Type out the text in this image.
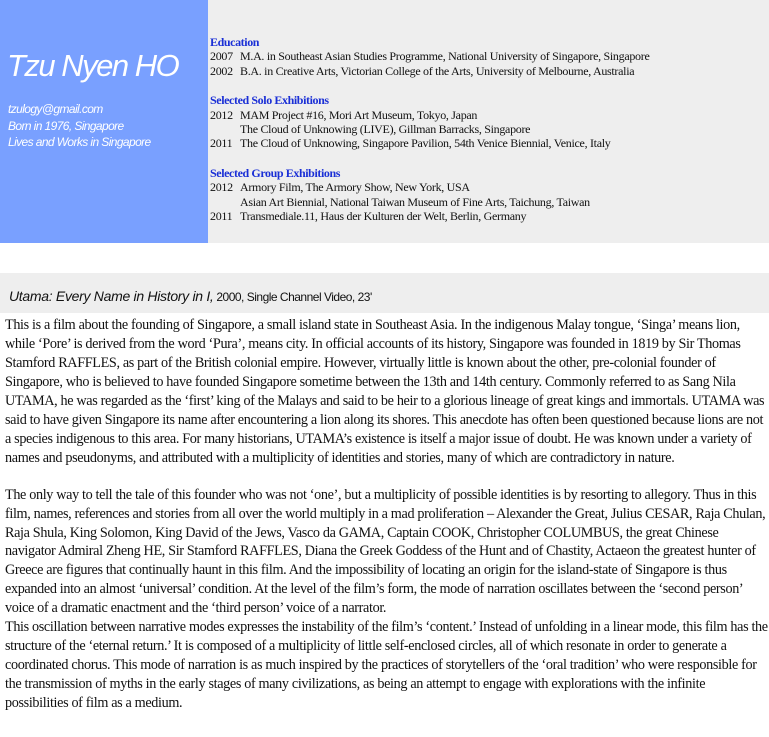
Tzu Nyen HO
tzulogy@gmail.com
Born in 1976, Singapore
Lives and Works in Singapore
Education
2007 M.A. in Southeast Asian Studies Programme, National University of Singapore, Singapore
2002 B.A. in Creative Arts, Victorian College of the Arts, University of Melbourne, Australia
Selected Solo Exhibitions
2012 MAM Project #16, Mori Art Museum, Tokyo, Japan
The Cloud of Unknowing (LIVE), Gillman Barracks, Singapore
2011 The Cloud of Unknowing, Singapore Pavilion, 54th Venice Biennial, Venice, Italy
Selected Group Exhibitions
2012 Armory Film, The Armory Show, New York, USA
Asian Art Biennial, National Taiwan Museum of Fine Arts, Taichung, Taiwan
2011 Transmediale.11, Haus der Kulturen der Welt, Berlin, Germany
Utama: Every Name in History in I, 2000, Single Channel Video, 23'

This is a film about the founding of Singapore, a small island state in Southeast Asia. In the indigenous Malay tongue, ‘Singa’ means lion, while ‘Pore’ is derived from the word ‘Pura’, means city. In official accounts of its history, Singapore was founded in 1819 by Sir Thomas Stamford RAFFLES, as part of the British colonial empire. However, virtually little is known about the other, pre-colonial founder of Singapore, who is believed to have founded Singapore sometime between the 13th and 14th century. Commonly referred to as Sang Nila UTAMA, he was regarded as the ‘first’ king of the Malays and said to be heir to a glorious lineage of great kings and immortals. UTAMA was said to have given Singapore its name after encountering a lion along its shores. This anecdote has often been questioned because lions are not a species indigenous to this area. For many historians, UTAMA’s existence is itself a major issue of doubt. He was known under a variety of names and pseudonyms, and attributed with a multiplicity of identities and stories, many of which are contradictory in nature.

The only way to tell the tale of this founder who was not ‘one’, but a multiplicity of possible identities is by resorting to allegory. Thus in this film, names, references and stories from all over the world multiply in a mad proliferation – Alexander the Great, Julius CESAR, Raja Chulan, Raja Shula, King Solomon, King David of the Jews, Vasco da GAMA, Captain COOK, Christopher COLUMBUS, the great Chinese navigator Admiral Zheng HE, Sir Stamford RAFFLES, Diana the Greek Goddess of the Hunt and of Chastity, Actaeon the greatest hunter of Greece are figures that continually haunt in this film. And the impossibility of locating an origin for the island-state of Singapore is thus expanded into an almost ‘universal’ condition. At the level of the film’s form, the mode of narration oscillates between the ‘second person’ voice of a dramatic enactment and the ‘third person’ voice of a narrator.

This oscillation between narrative modes expresses the instability of the film’s ‘content.’ Instead of unfolding in a linear mode, this film has the structure of the ‘eternal return.’ It is composed of a multiplicity of little self-enclosed circles, all of which resonate in order to generate a coordinated chorus. This mode of narration is as much inspired by the practices of storytellers of the ‘oral tradition’ who were responsible for the transmission of myths in the early stages of many civilizations, as being an attempt to engage with explorations with the infinite possibilities of film as a medium.
